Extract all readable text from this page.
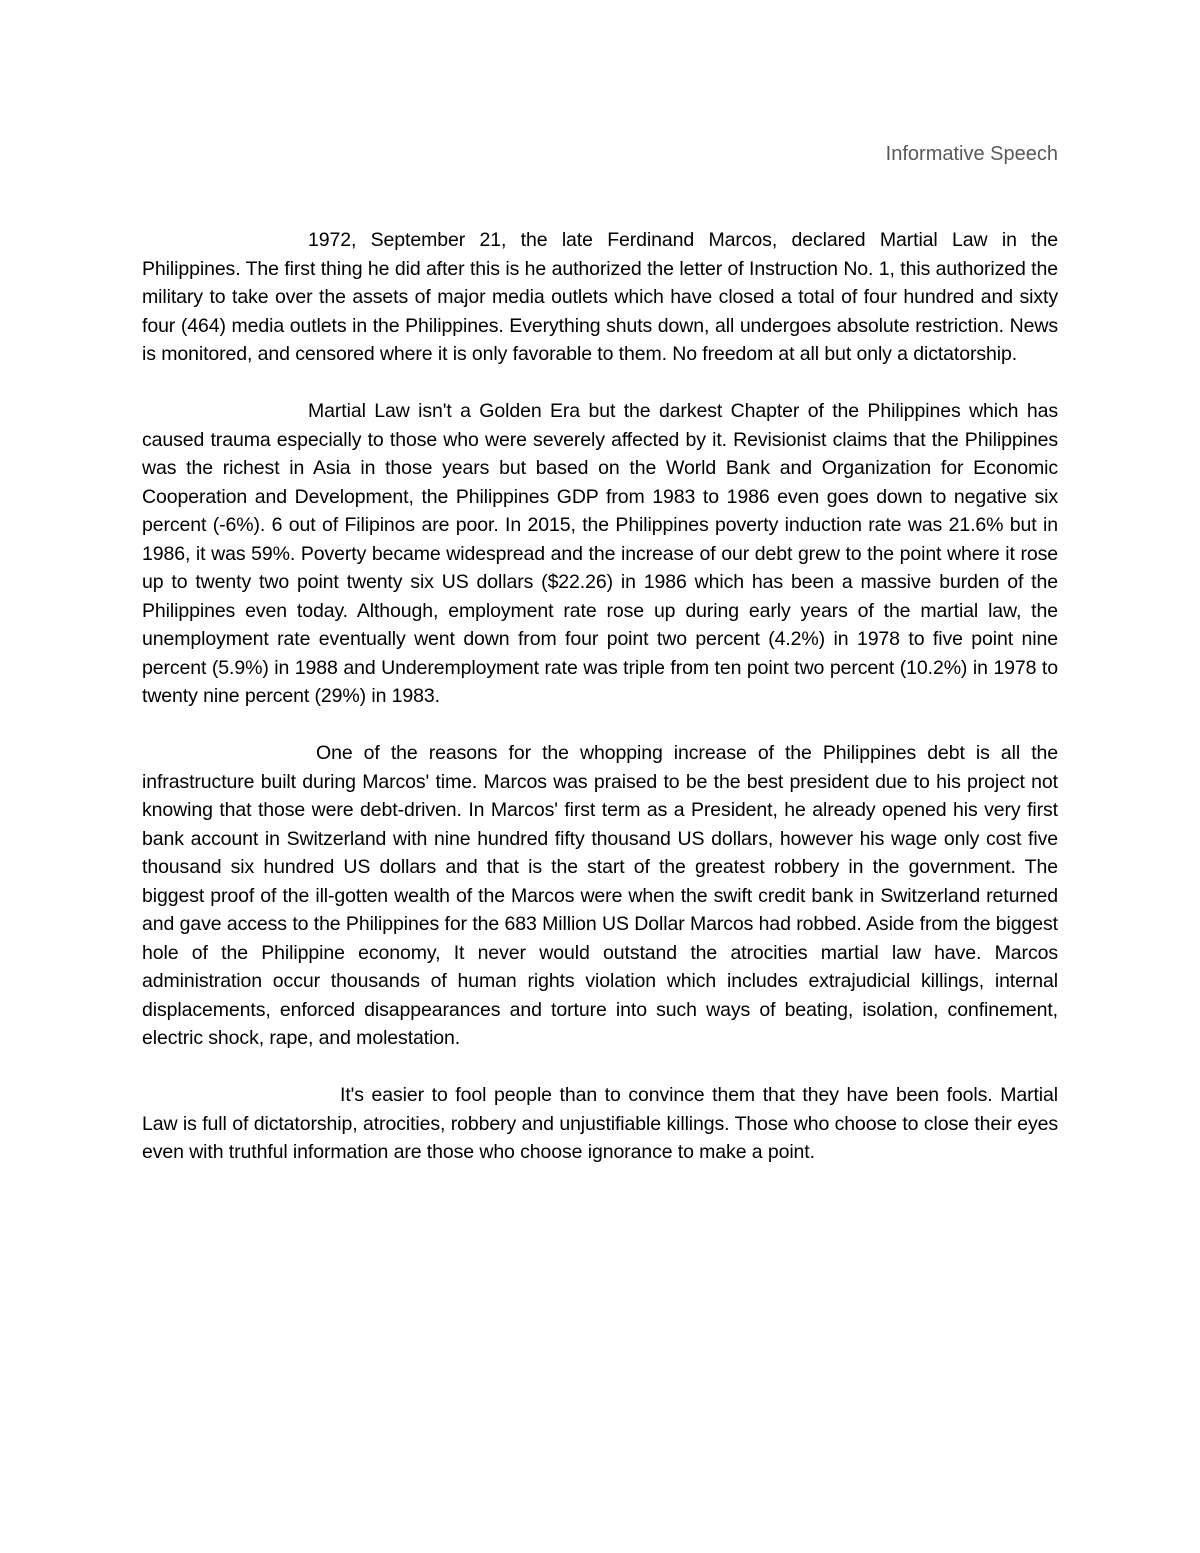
Informative Speech

1972, September 21, the late Ferdinand Marcos, declared Martial Law in the Philippines. The first thing he did after this is he authorized the letter of Instruction No. 1, this authorized the military to take over the assets of major media outlets which have closed a total of four hundred and sixty four (464) media outlets in the Philippines. Everything shuts down, all undergoes absolute restriction. News is monitored, and censored where it is only favorable to them. No freedom at all but only a dictatorship.

Martial Law isn't a Golden Era but the darkest Chapter of the Philippines which has caused trauma especially to those who were severely affected by it. Revisionist claims that the Philippines was the richest in Asia in those years but based on the World Bank and Organization for Economic Cooperation and Development, the Philippines GDP from 1983 to 1986 even goes down to negative six percent (-6%). 6 out of Filipinos are poor. In 2015, the Philippines poverty induction rate was 21.6% but in 1986, it was 59%. Poverty became widespread and the increase of our debt grew to the point where it rose up to twenty two point twenty six US dollars ($22.26) in 1986 which has been a massive burden of the Philippines even today. Although, employment rate rose up during early years of the martial law, the unemployment rate eventually went down from four point two percent (4.2%) in 1978 to five point nine percent (5.9%) in 1988 and Underemployment rate was triple from ten point two percent (10.2%) in 1978 to twenty nine percent (29%) in 1983.

One of the reasons for the whopping increase of the Philippines debt is all the infrastructure built during Marcos' time. Marcos was praised to be the best president due to his project not knowing that those were debt-driven. In Marcos' first term as a President, he already opened his very first bank account in Switzerland with nine hundred fifty thousand US dollars, however his wage only cost five thousand six hundred US dollars and that is the start of the greatest robbery in the government. The biggest proof of the ill-gotten wealth of the Marcos were when the swift credit bank in Switzerland returned and gave access to the Philippines for the 683 Million US Dollar Marcos had robbed. Aside from the biggest hole of the Philippine economy, It never would outstand the atrocities martial law have. Marcos administration occur thousands of human rights violation which includes extrajudicial killings, internal displacements, enforced disappearances and torture into such ways of beating, isolation, confinement, electric shock, rape, and molestation.

It's easier to fool people than to convince them that they have been fools. Martial Law is full of dictatorship, atrocities, robbery and unjustifiable killings. Those who choose to close their eyes even with truthful information are those who choose ignorance to make a point.
